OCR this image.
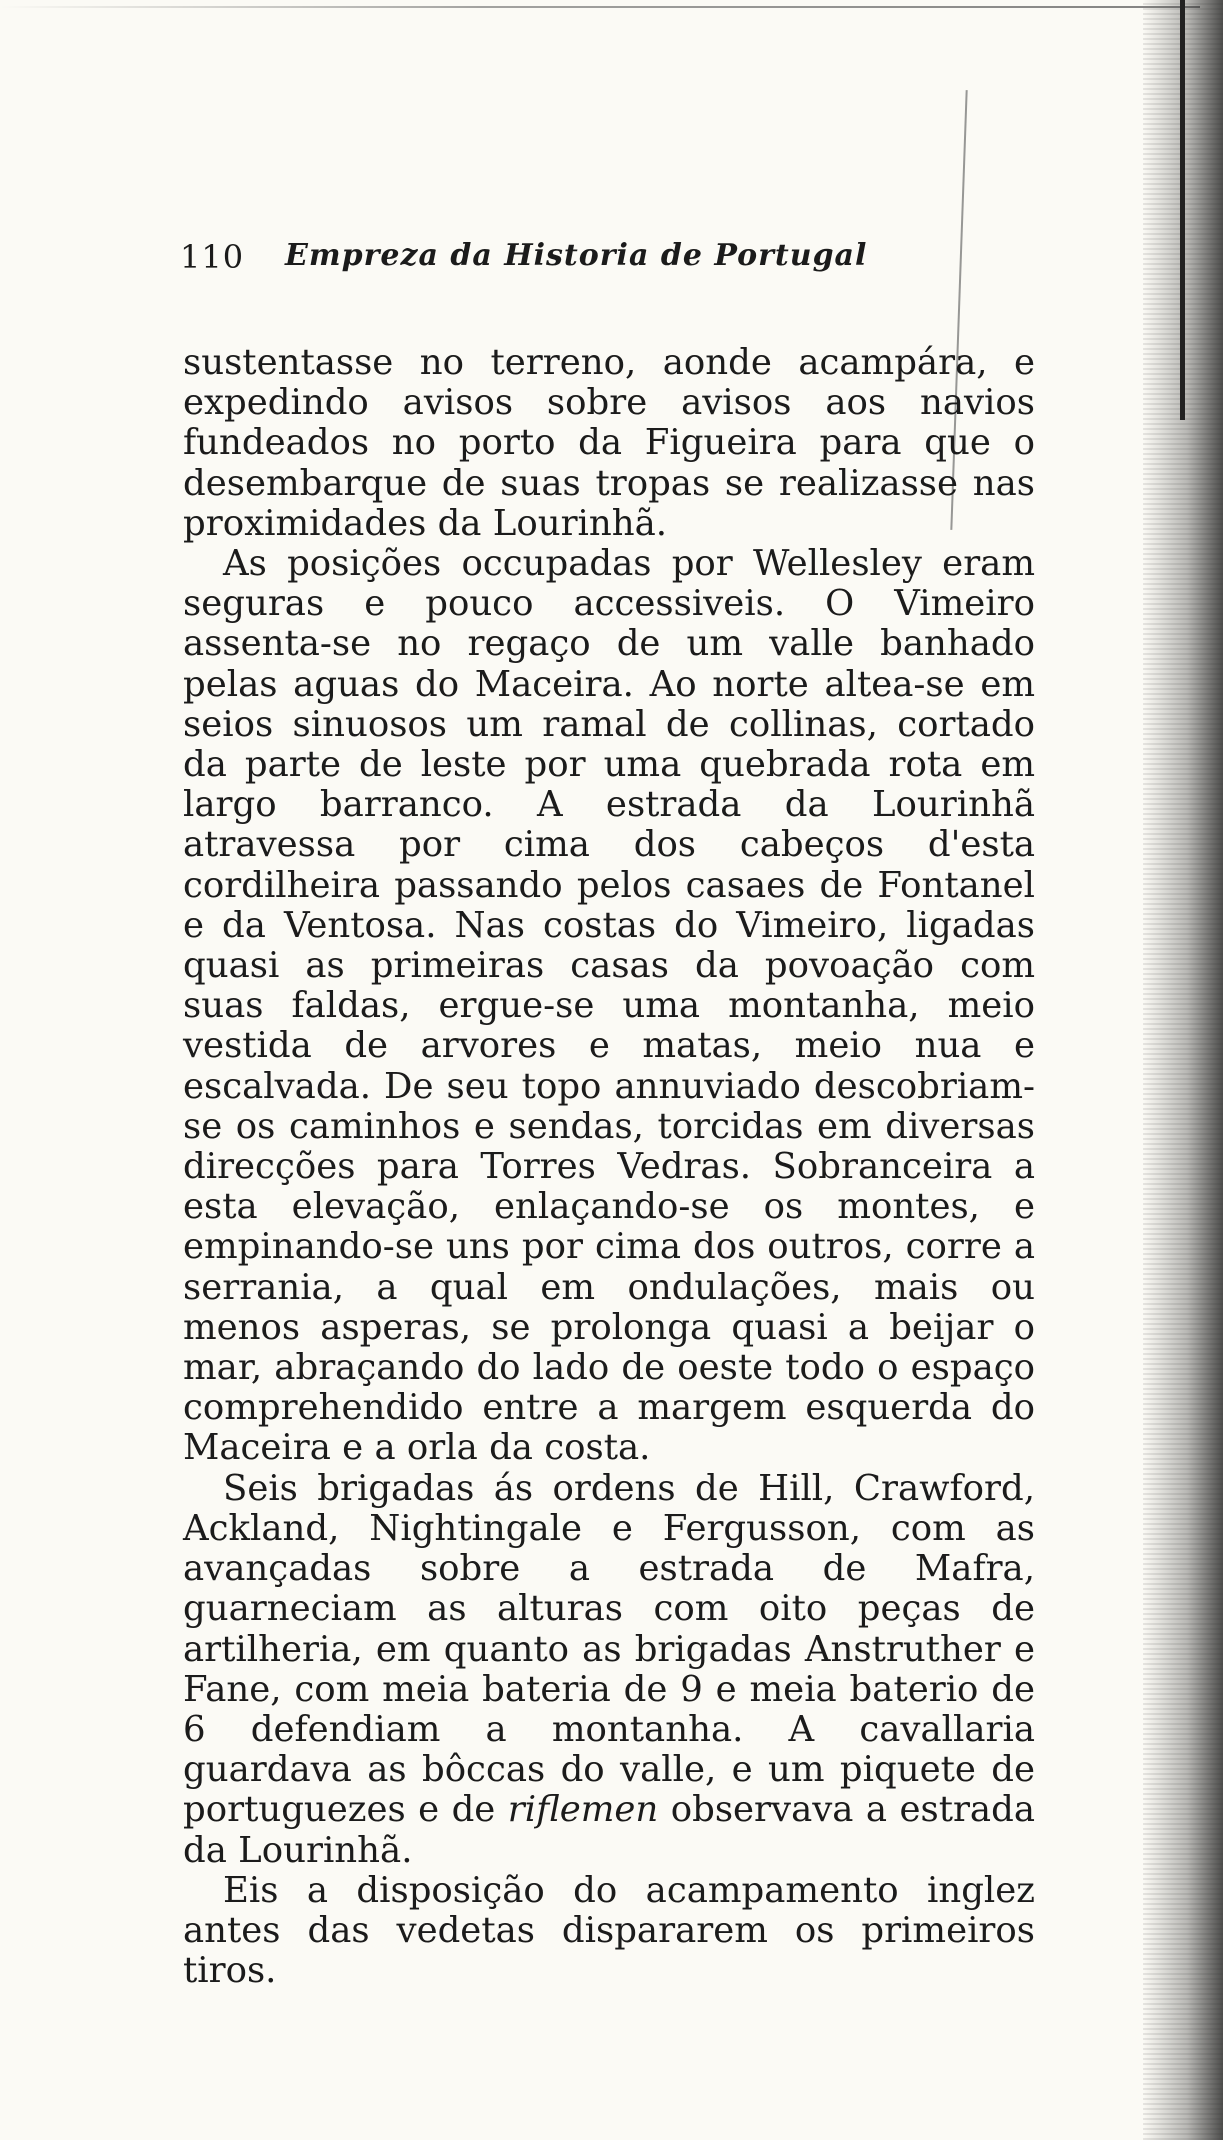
110 Empreza da Historia de Portugal

sustentasse no terreno, aonde acampára, e expedindo avisos sobre avisos aos navios fundeados no porto da Figueira para que o desembarque de suas tropas se realizasse nas proximidades da Lourinhã.

As posições occupadas por Wellesley eram seguras e pouco accessiveis. O Vimeiro assenta-se no regaço de um valle banhado pelas aguas do Maceira. Ao norte altea-se em seios sinuosos um ramal de collinas, cortado da parte de leste por uma quebrada rota em largo barranco. A estrada da Lourinhã atravessa por cima dos cabeços d'esta cordilheira passando pelos casaes de Fontanel e da Ventosa. Nas costas do Vimeiro, ligadas quasi as primeiras casas da povoação com suas faldas, ergue-se uma montanha, meio vestida de arvores e matas, meio nua e escalvada. De seu topo annuviado descobriam-se os caminhos e sendas, torcidas em diversas direcções para Torres Vedras. Sobranceira a esta elevação, enlaçando-se os montes, e empinando-se uns por cima dos outros, corre a serrania, a qual em ondulações, mais ou menos asperas, se prolonga quasi a beijar o mar, abraçando do lado de oeste todo o espaço comprehendido entre a margem esquerda do Maceira e a orla da costa.

Seis brigadas ás ordens de Hill, Crawford, Ackland, Nightingale e Fergusson, com as avançadas sobre a estrada de Mafra, guarneciam as alturas com oito peças de artilheria, em quanto as brigadas Anstruther e Fane, com meia bateria de 9 e meia baterio de 6 defendiam a montanha. A cavallaria guardava as bôccas do valle, e um piquete de portuguezes e de riflemen observava a estrada da Lourinhã.

Eis a disposição do acampamento inglez antes das vedetas dispararem os primeiros tiros.
